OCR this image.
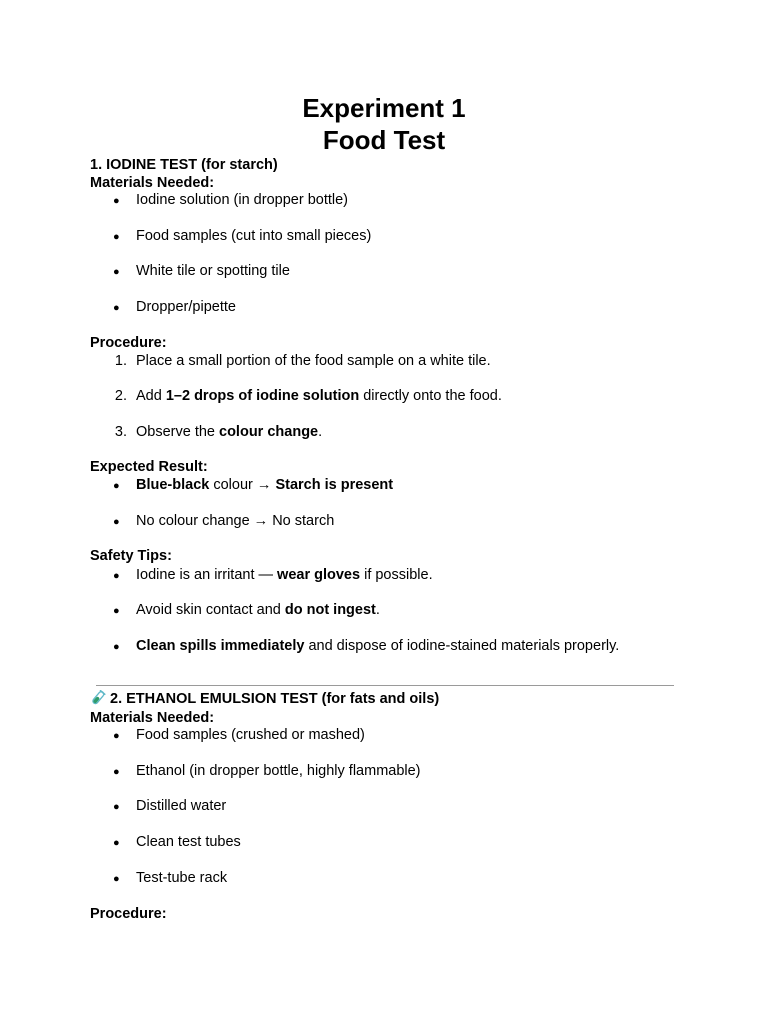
Experiment 1
Food Test
1. IODINE TEST (for starch)
Materials Needed:
● Iodine solution (in dropper bottle)
● Food samples (cut into small pieces)
● White tile or spotting tile
● Dropper/pipette
Procedure:
1. Place a small portion of the food sample on a white tile.
2. Add 1–2 drops of iodine solution directly onto the food.
3. Observe the colour change.
Expected Result:
● Blue-black colour → Starch is present
● No colour change → No starch
Safety Tips:
● Iodine is an irritant — wear gloves if possible.
● Avoid skin contact and do not ingest.
● Clean spills immediately and dispose of iodine-stained materials properly.
2. ETHANOL EMULSION TEST (for fats and oils)
Materials Needed:
● Food samples (crushed or mashed)
● Ethanol (in dropper bottle, highly flammable)
● Distilled water
● Clean test tubes
● Test-tube rack
Procedure:
